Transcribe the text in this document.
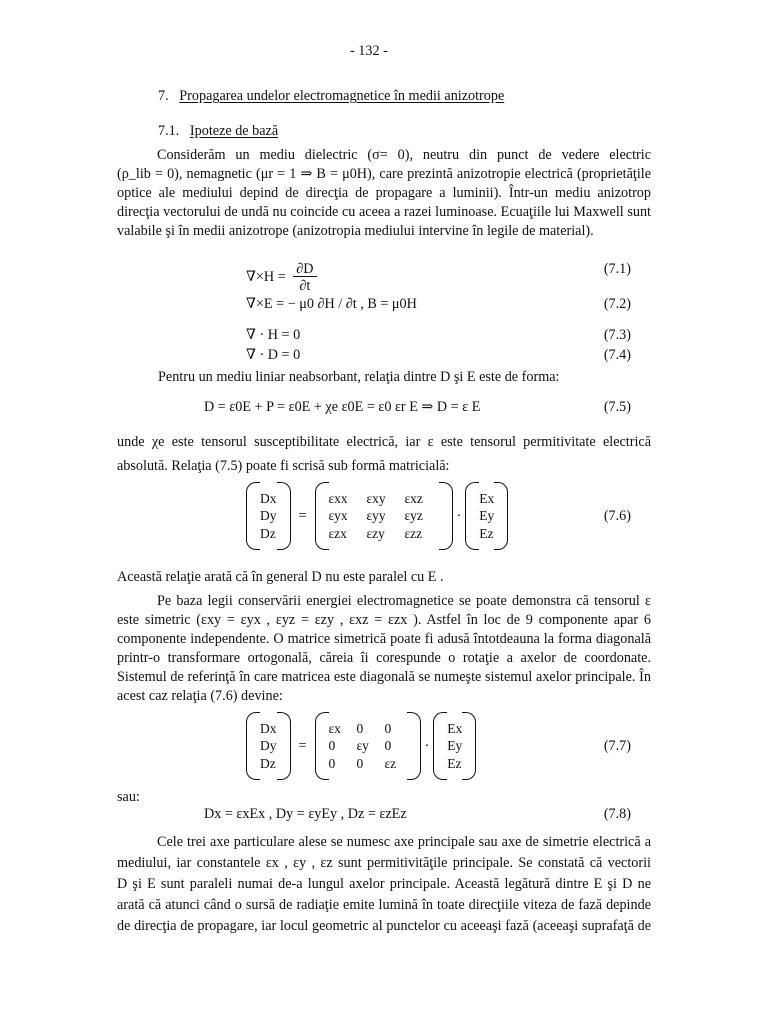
- 132 -
7. Propagarea undelor electromagnetice în medii anizotrope
7.1. Ipoteze de bază
Considerăm un mediu dielectric (σ= 0), neutru din punct de vedere electric
(ρ_lib = 0), nemagnetic (μr = 1 ⇒ B = μ0H), care prezintă anizotropie electrică (proprietăţile
optice ale mediului depind de direcţia de propagare a luminii). Într-un mediu anizotrop
direcţia vectorului de undă nu coincide cu aceea a razei luminoase. Ecuaţiile lui Maxwell sunt
valabile şi în medii anizotrope (anizotropia mediului intervine în legile de material).
$\nabla\times H = \frac{\partial D}{\partial t}$	(7.1)
∇×E = − μ0 ∂H / ∂t , B = μ0H	(7.2)
∇ · H = 0	(7.3)
∇ · D = 0	(7.4)
Pentru un mediu liniar neabsorbant, relaţia dintre D şi E este de forma:
D = ε0E + P = ε0E + χe ε0E = ε0 εr E ⇒ D = ε E	(7.5)
unde χe este tensorul susceptibilitate electrică, iar ε este tensorul permitivitate electrică
absolută. Relaţia (7.5) poate fi scrisă sub formă matricială:
Dx
Dy
Dz
=
εxx	εxy	εxz
εyx	εyy	εyz
εzx	εzy	εzz
·
Ex
Ey
Ez
(7.6)
Această relaţie arată că în general D nu este paralel cu E .
Pe baza legii conservării energiei electromagnetice se poate demonstra că tensorul ε
este simetric (εxy = εyx , εyz = εzy , εxz = εzx ). Astfel în loc de 9 componente apar 6
componente independente. O matrice simetrică poate fi adusă întotdeauna la forma diagonală
printr-o transformare ortogonală, căreia îi corespunde o rotaţie a axelor de coordonate.
Sistemul de referinţă în care matricea este diagonală se numeşte sistemul axelor principale. În
acest caz relaţia (7.6) devine:
Dx
Dy
Dz
=
εx	0	0
0	εy	0
0	0	εz
·
Ex
Ey
Ez
(7.7)
sau:
Dx = εxEx , Dy = εyEy , Dz = εzEz	(7.8)
Cele trei axe particulare alese se numesc axe principale sau axe de simetrie electrică a
mediului, iar constantele εx , εy , εz sunt permitivităţile principale. Se constată că vectorii
D şi E sunt paraleli numai de-a lungul axelor principale. Această legătură dintre E şi D ne
arată că atunci când o sursă de radiaţie emite lumină în toate direcţiile viteza de fază depinde
de direcţia de propagare, iar locul geometric al punctelor cu aceeaşi fază (aceeaşi suprafaţă de
